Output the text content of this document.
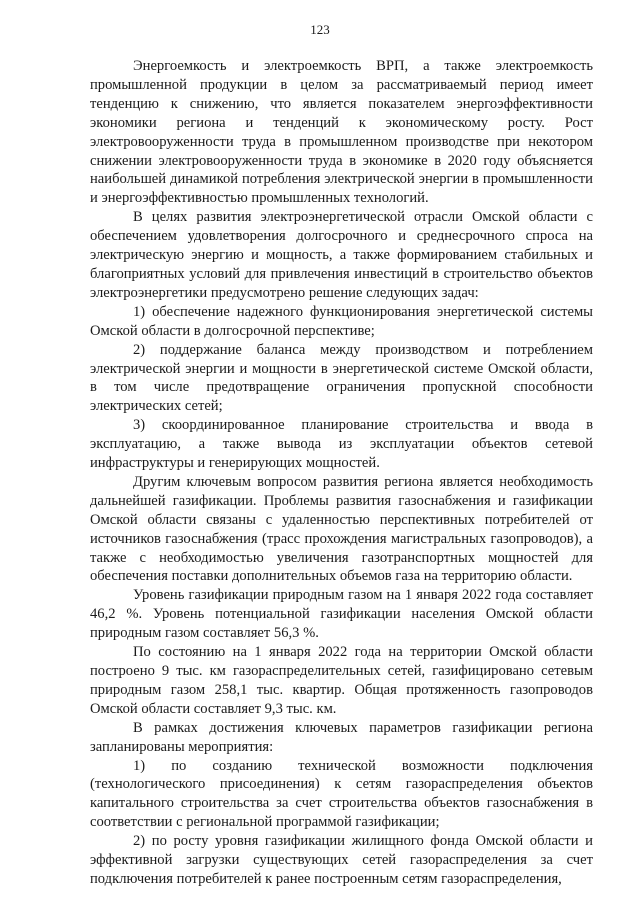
123

Энергоемкость и электроемкость ВРП, а также электроемкость промышленной продукции в целом за рассматриваемый период имеет тенденцию к снижению, что является показателем энергоэффективности экономики региона и тенденций к экономическому росту. Рост электровооруженности труда в промышленном производстве при некотором снижении электровооруженности труда в экономике в 2020 году объясняется наибольшей динамикой потребления электрической энергии в промышленности и энергоэффективностью промышленных технологий.

В целях развития электроэнергетической отрасли Омской области с обеспечением удовлетворения долгосрочного и среднесрочного спроса на электрическую энергию и мощность, а также формированием стабильных и благоприятных условий для привлечения инвестиций в строительство объектов электроэнергетики предусмотрено решение следующих задач:

1) обеспечение надежного функционирования энергетической системы Омской области в долгосрочной перспективе;

2) поддержание баланса между производством и потреблением электрической энергии и мощности в энергетической системе Омской области, в том числе предотвращение ограничения пропускной способности электрических сетей;

3) скоординированное планирование строительства и ввода в эксплуатацию, а также вывода из эксплуатации объектов сетевой инфраструктуры и генерирующих мощностей.

Другим ключевым вопросом развития региона является необходимость дальнейшей газификации. Проблемы развития газоснабжения и газификации Омской области связаны с удаленностью перспективных потребителей от источников газоснабжения (трасс прохождения магистральных газопроводов), а также с необходимостью увеличения газотранспортных мощностей для обеспечения поставки дополнительных объемов газа на территорию области.

Уровень газификации природным газом на 1 января 2022 года составляет 46,2 %. Уровень потенциальной газификации населения Омской области природным газом составляет 56,3 %.

По состоянию на 1 января 2022 года на территории Омской области построено 9 тыс. км газораспределительных сетей, газифицировано сетевым природным газом 258,1 тыс. квартир. Общая протяженность газопроводов Омской области составляет 9,3 тыс. км.

В рамках достижения ключевых параметров газификации региона запланированы мероприятия:

1) по созданию технической возможности подключения (технологического присоединения) к сетям газораспределения объектов капитального строительства за счет строительства объектов газоснабжения в соответствии с региональной программой газификации;

2) по росту уровня газификации жилищного фонда Омской области и эффективной загрузки существующих сетей газораспределения за счет подключения потребителей к ранее построенным сетям газораспределения,
